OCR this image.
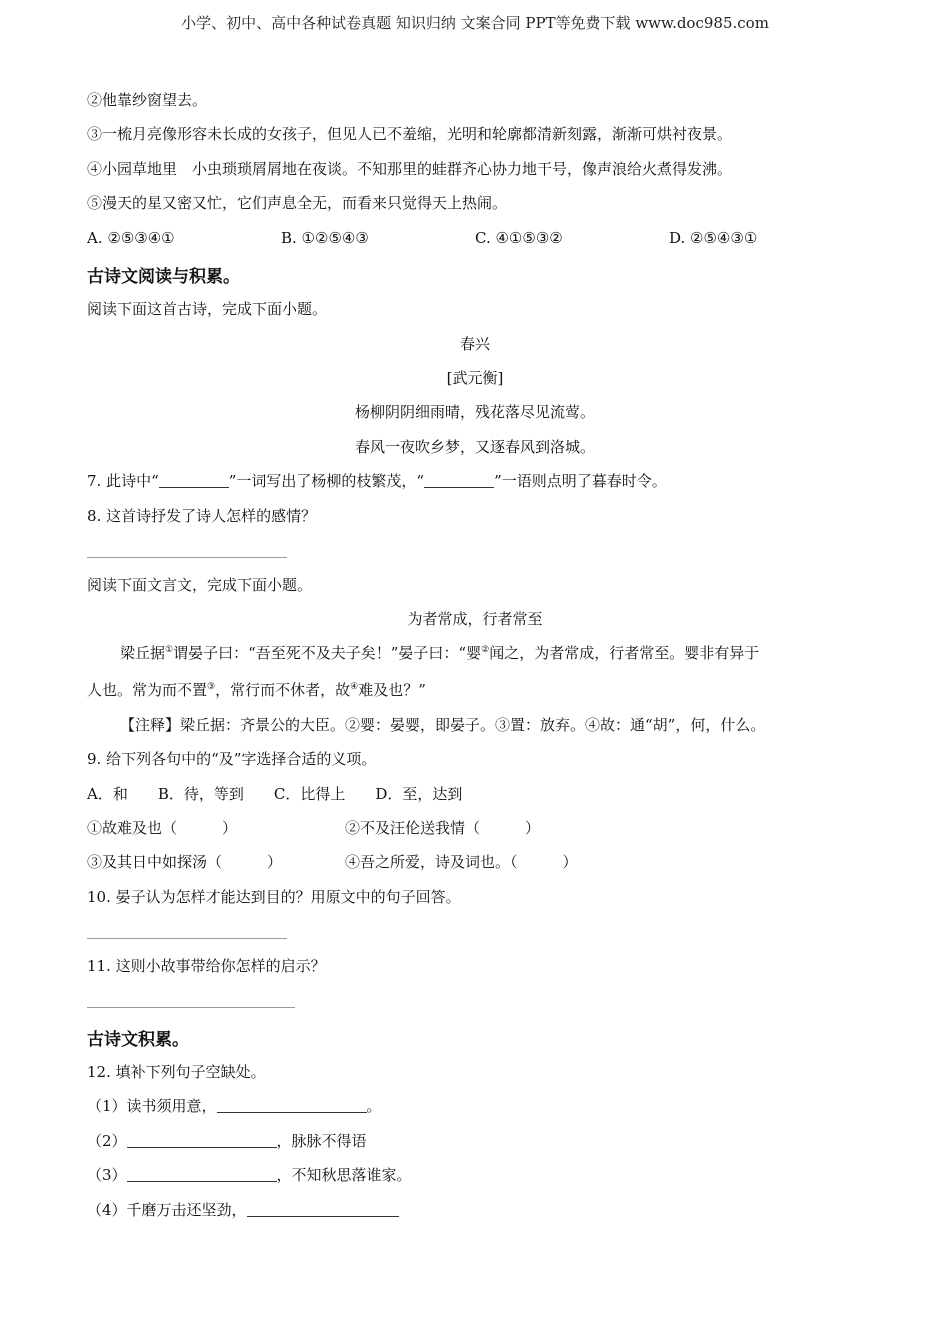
小学、初中、高中各种试卷真题 知识归纳 文案合同 PPT等免费下载 www.doc985.com
②他靠纱窗望去。
③一梳月亮像形容未长成的女孩子，但见人已不羞缩，光明和轮廓都清新刻露，渐渐可烘衬夜景。
④小园草地里　小虫琐琐屑屑地在夜谈。不知那里的蛙群齐心协力地干号，像声浪给火煮得发沸。
⑤漫天的星又密又忙，它们声息全无，而看来只觉得天上热闹。
A. ②⑤③④①	B. ①②⑤④③	C. ④①⑤③②	D. ②⑤④③①
古诗文阅读与积累。
阅读下面这首古诗，完成下面小题。
春兴
[武元衡]
杨柳阴阴细雨晴，残花落尽见流莺。
春风一夜吹乡梦，又逐春风到洛城。
7. 此诗中“	”一词写出了杨柳的枝繁茂，“	”一语则点明了暮春时令。
8. 这首诗抒发了诗人怎样的感情？
阅读下面文言文，完成下面小题。
为者常成，行者常至
梁丘据①谓晏子曰：“吾至死不及夫子矣！”晏子曰：“婴②闻之，为者常成，行者常至。婴非有异于
人也。常为而不置③，常行而不休者，故④难及也？”
【注释】梁丘据：齐景公的大臣。②婴：晏婴，即晏子。③置：放弃。④故：通“胡”，何，什么。
9. 给下列各句中的“及”字选择合适的义项。
A．和　　B．待，等到　　C．比得上　　D．至，达到
①故难及也（　　　）	②不及汪伦送我情（　　　）
③及其日中如探汤（　　　）	④吾之所爱，诗及词也。（　　　）
10. 晏子认为怎样才能达到目的？用原文中的句子回答。
11. 这则小故事带给你怎样的启示？
古诗文积累。
12. 填补下列句子空缺处。
（1）读书须用意，	。
（2）	，脉脉不得语
（3）	，不知秋思落谁家。
（4）千磨万击还坚劲，
